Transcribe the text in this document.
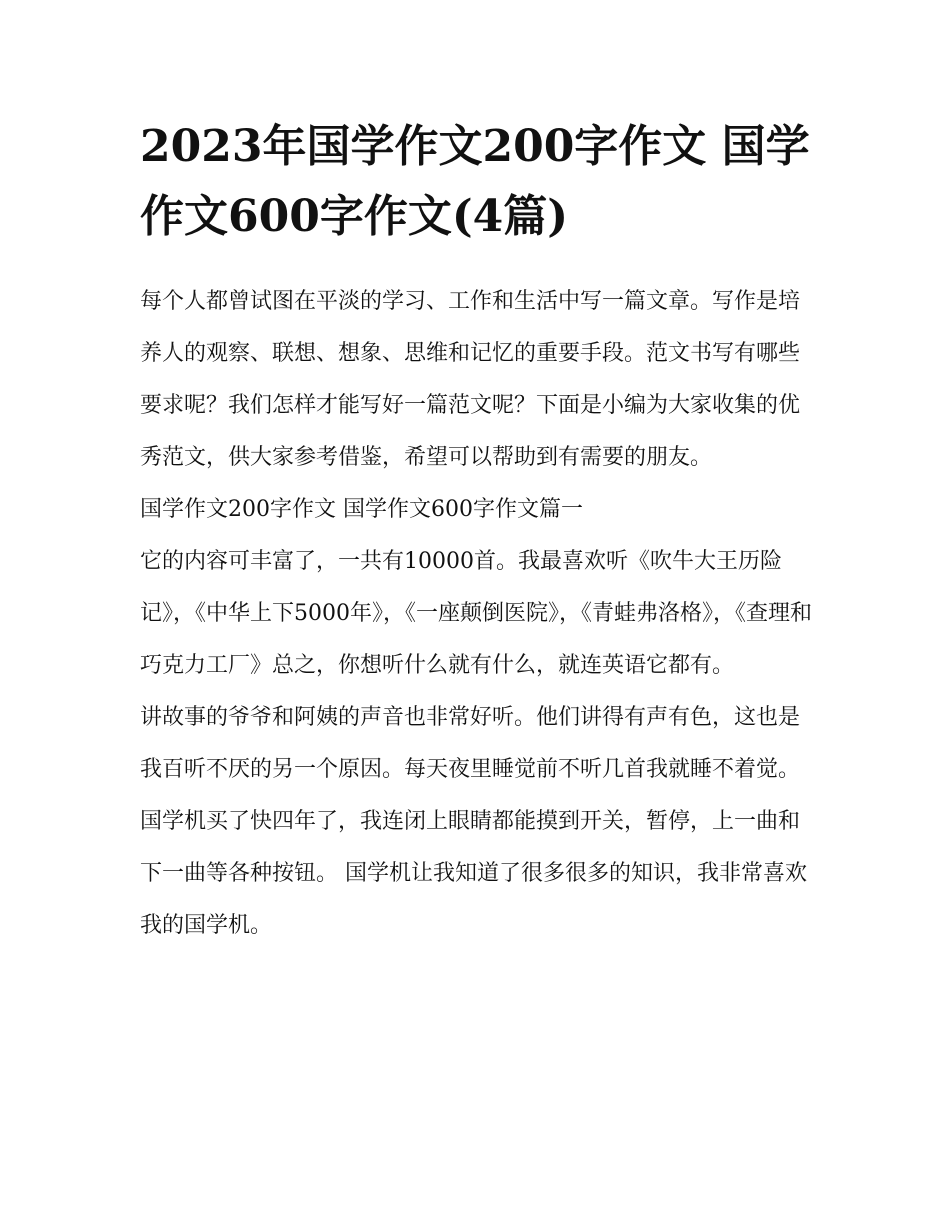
2023年国学作文200字作文 国学作文600字作文(4篇)

每个人都曾试图在平淡的学习、工作和生活中写一篇文章。写作是培养人的观察、联想、想象、思维和记忆的重要手段。范文书写有哪些要求呢？我们怎样才能写好一篇范文呢？下面是小编为大家收集的优秀范文，供大家参考借鉴，希望可以帮助到有需要的朋友。

国学作文200字作文 国学作文600字作文篇一

它的内容可丰富了，一共有10000首。我最喜欢听《吹牛大王历险记》，《中华上下5000年》，《一座颠倒医院》，《青蛙弗洛格》，《查理和巧克力工厂》总之，你想听什么就有什么，就连英语它都有。

讲故事的爷爷和阿姨的声音也非常好听。他们讲得有声有色，这也是我百听不厌的另一个原因。每天夜里睡觉前不听几首我就睡不着觉。

国学机买了快四年了，我连闭上眼睛都能摸到开关，暂停，上一曲和下一曲等各种按钮。 国学机让我知道了很多很多的知识，我非常喜欢我的国学机。
